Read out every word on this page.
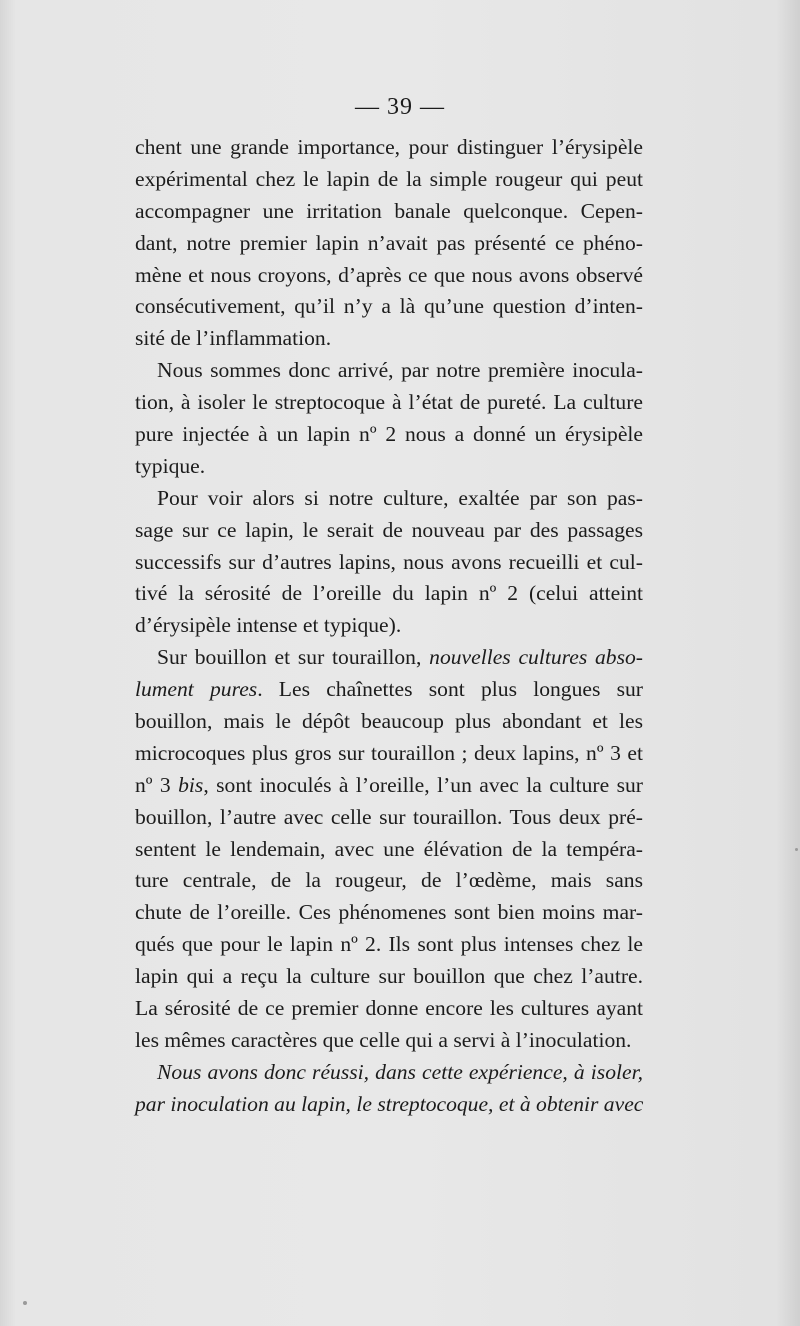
— 39 —
chent une grande importance, pour distinguer l’érysipèle
expérimental chez le lapin de la simple rougeur qui peut
accompagner une irritation banale quelconque. Cepen-
dant, notre premier lapin n’avait pas présenté ce phéno-
mène et nous croyons, d’après ce que nous avons observé
consécutivement, qu’il n’y a là qu’une question d’inten-
sité de l’inflammation.
Nous sommes donc arrivé, par notre première inocula-
tion, à isoler le streptocoque à l’état de pureté. La culture
pure injectée à un lapin nº 2 nous a donné un érysipèle
typique.
Pour voir alors si notre culture, exaltée par son pas-
sage sur ce lapin, le serait de nouveau par des passages
successifs sur d’autres lapins, nous avons recueilli et cul-
tivé la sérosité de l’oreille du lapin nº 2 (celui atteint
d’érysipèle intense et typique).
Sur bouillon et sur touraillon, nouvelles cultures abso-
lument pures. Les chaînettes sont plus longues sur
bouillon, mais le dépôt beaucoup plus abondant et les
microcoques plus gros sur touraillon ; deux lapins, nº 3 et
nº 3 bis, sont inoculés à l’oreille, l’un avec la culture sur
bouillon, l’autre avec celle sur touraillon. Tous deux pré-
sentent le lendemain, avec une élévation de la tempéra-
ture centrale, de la rougeur, de l’œdème, mais sans
chute de l’oreille. Ces phénomenes sont bien moins mar-
qués que pour le lapin nº 2. Ils sont plus intenses chez le
lapin qui a reçu la culture sur bouillon que chez l’autre.
La sérosité de ce premier donne encore les cultures ayant
les mêmes caractères que celle qui a servi à l’inoculation.
Nous avons donc réussi, dans cette expérience, à isoler,
par inoculation au lapin, le streptocoque, et à obtenir avec
